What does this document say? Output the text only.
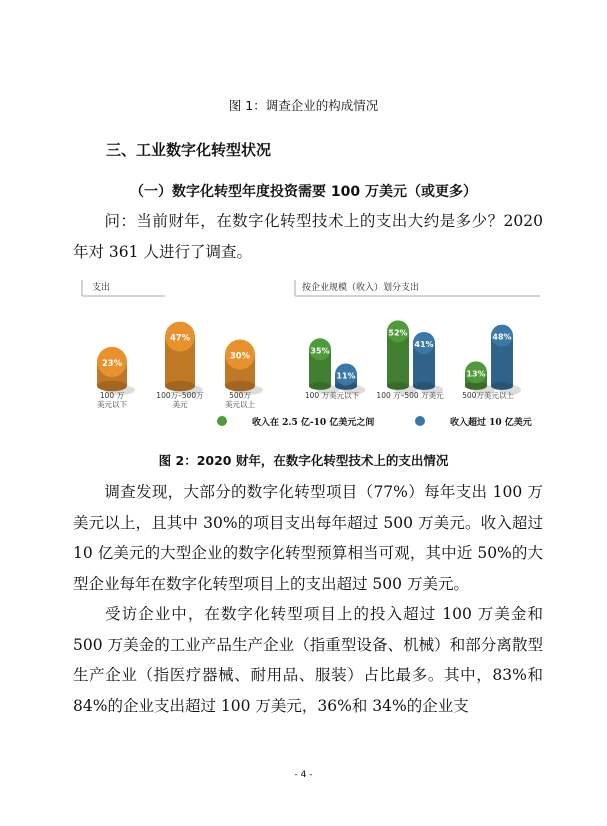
图 1：调查企业的构成情况
三、工业数字化转型状况
（一）数字化转型年度投资需要 100 万美元（或更多）
问：当前财年，在数字化转型技术上的支出大约是多少？2020 年对 361 人进行了调查。
支出
23%
100 万
美元以下
47%
100万–500万
美元
30%
500万
美元以上
按企业规模（收入）划分支出
35%
11%
100 万美元以下
52%
41%
100 万–500 万美元
13%
48%
500万美元以上
收入在 2.5 亿-10 亿美元之间	收入超过 10 亿美元
图 2：2020 财年，在数字化转型技术上的支出情况
调查发现，大部分的数字化转型项目（77%）每年支出 100 万美元以上，且其中 30%的项目支出每年超过 500 万美元。收入超过 10 亿美元的大型企业的数字化转型预算相当可观，其中近 50%的大型企业每年在数字化转型项目上的支出超过 500 万美元。
受访企业中，在数字化转型项目上的投入超过 100 万美金和 500 万美金的工业产品生产企业（指重型设备、机械）和部分离散型生产企业（指医疗器械、耐用品、服装）占比最多。其中，83%和 84%的企业支出超过 100 万美元，36%和 34%的企业支
- 4 -
